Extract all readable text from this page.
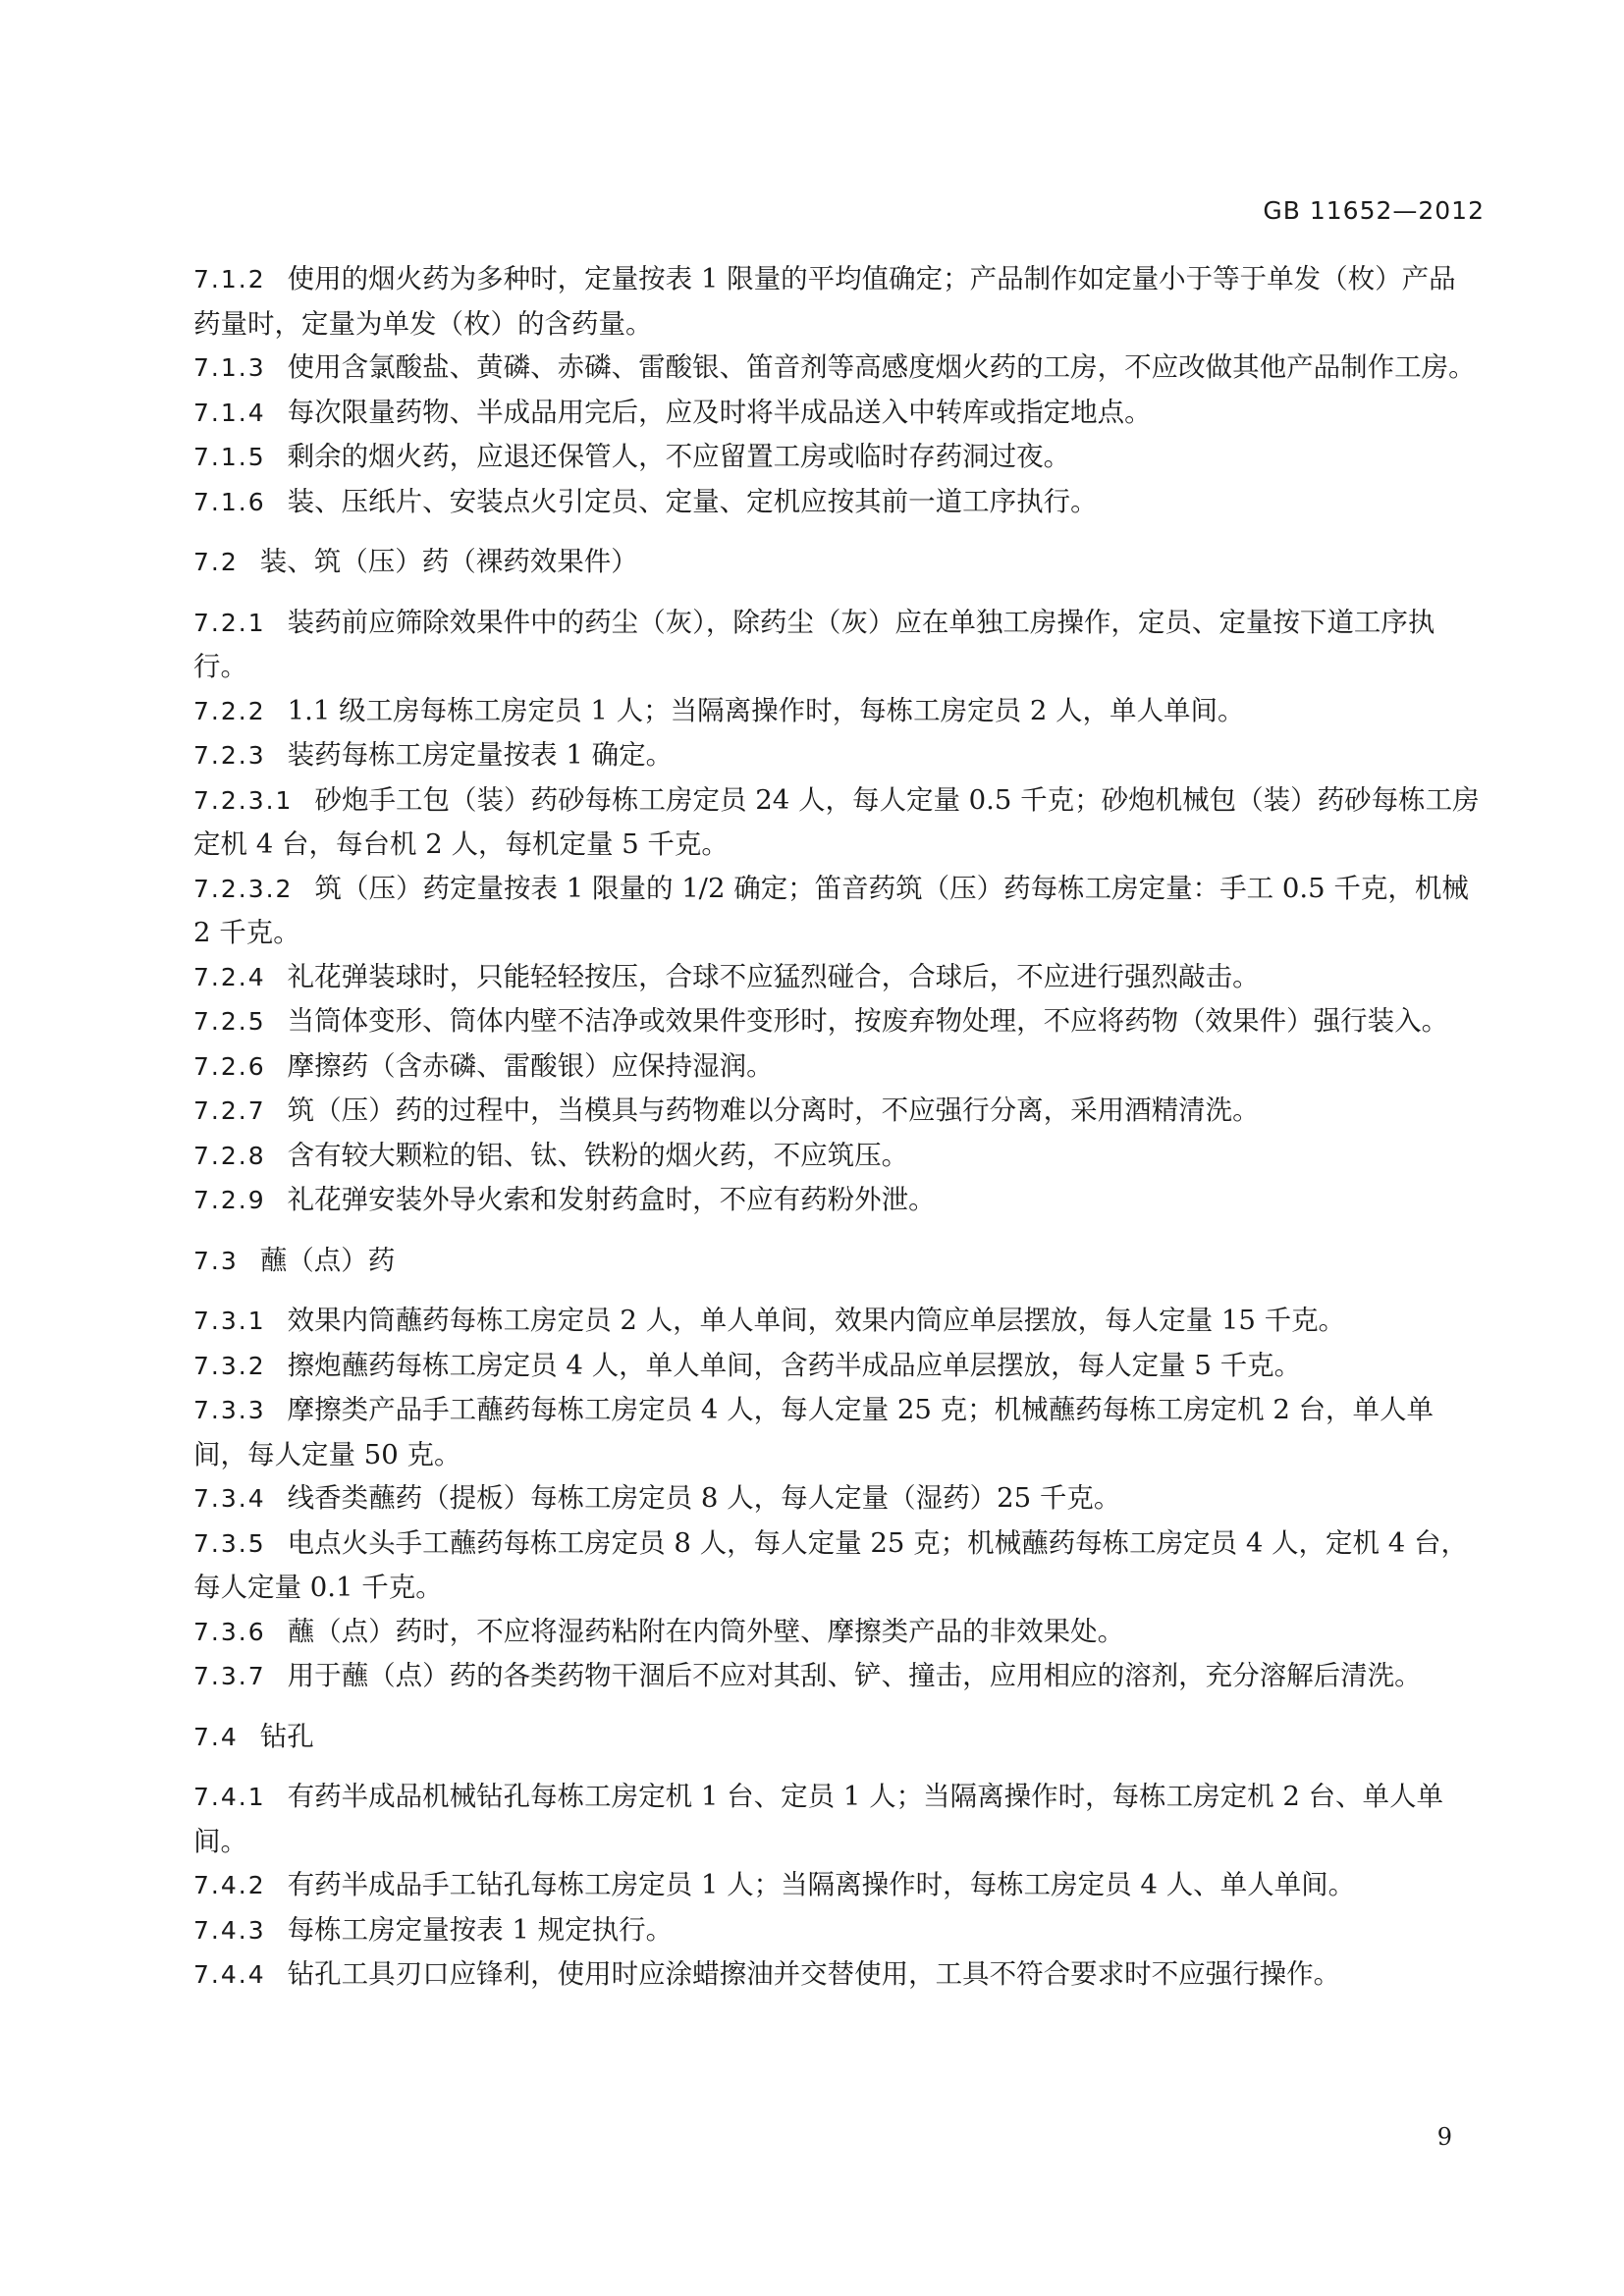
GB 11652—2012

7.1.2 使用的烟火药为多种时，定量按表 1 限量的平均值确定；产品制作如定量小于等于单发（枚）产品药量时，定量为单发（枚）的含药量。

7.1.3 使用含氯酸盐、黄磷、赤磷、雷酸银、笛音剂等高感度烟火药的工房，不应改做其他产品制作工房。

7.1.4 每次限量药物、半成品用完后，应及时将半成品送入中转库或指定地点。

7.1.5 剩余的烟火药，应退还保管人，不应留置工房或临时存药洞过夜。

7.1.6 装、压纸片、安装点火引定员、定量、定机应按其前一道工序执行。

7.2 装、筑（压）药（裸药效果件）

7.2.1 装药前应筛除效果件中的药尘（灰），除药尘（灰）应在单独工房操作，定员、定量按下道工序执行。

7.2.2 1.1 级工房每栋工房定员 1 人；当隔离操作时，每栋工房定员 2 人，单人单间。

7.2.3 装药每栋工房定量按表 1 确定。

7.2.3.1 砂炮手工包（装）药砂每栋工房定员 24 人，每人定量 0.5 千克；砂炮机械包（装）药砂每栋工房定机 4 台，每台机 2 人，每机定量 5 千克。

7.2.3.2 筑（压）药定量按表 1 限量的 1/2 确定；笛音药筑（压）药每栋工房定量：手工 0.5 千克，机械 2 千克。

7.2.4 礼花弹装球时，只能轻轻按压，合球不应猛烈碰合，合球后，不应进行强烈敲击。

7.2.5 当筒体变形、筒体内壁不洁净或效果件变形时，按废弃物处理，不应将药物（效果件）强行装入。

7.2.6 摩擦药（含赤磷、雷酸银）应保持湿润。

7.2.7 筑（压）药的过程中，当模具与药物难以分离时，不应强行分离，采用酒精清洗。

7.2.8 含有较大颗粒的铝、钛、铁粉的烟火药，不应筑压。

7.2.9 礼花弹安装外导火索和发射药盒时，不应有药粉外泄。

7.3 蘸（点）药

7.3.1 效果内筒蘸药每栋工房定员 2 人，单人单间，效果内筒应单层摆放，每人定量 15 千克。

7.3.2 擦炮蘸药每栋工房定员 4 人，单人单间，含药半成品应单层摆放，每人定量 5 千克。

7.3.3 摩擦类产品手工蘸药每栋工房定员 4 人，每人定量 25 克；机械蘸药每栋工房定机 2 台，单人单间，每人定量 50 克。

7.3.4 线香类蘸药（提板）每栋工房定员 8 人，每人定量（湿药）25 千克。

7.3.5 电点火头手工蘸药每栋工房定员 8 人，每人定量 25 克；机械蘸药每栋工房定员 4 人，定机 4 台，每人定量 0.1 千克。

7.3.6 蘸（点）药时，不应将湿药粘附在内筒外壁、摩擦类产品的非效果处。

7.3.7 用于蘸（点）药的各类药物干涸后不应对其刮、铲、撞击，应用相应的溶剂，充分溶解后清洗。

7.4 钻孔

7.4.1 有药半成品机械钻孔每栋工房定机 1 台、定员 1 人；当隔离操作时，每栋工房定机 2 台、单人单间。

7.4.2 有药半成品手工钻孔每栋工房定员 1 人；当隔离操作时，每栋工房定员 4 人、单人单间。

7.4.3 每栋工房定量按表 1 规定执行。

7.4.4 钻孔工具刃口应锋利，使用时应涂蜡擦油并交替使用，工具不符合要求时不应强行操作。

9
